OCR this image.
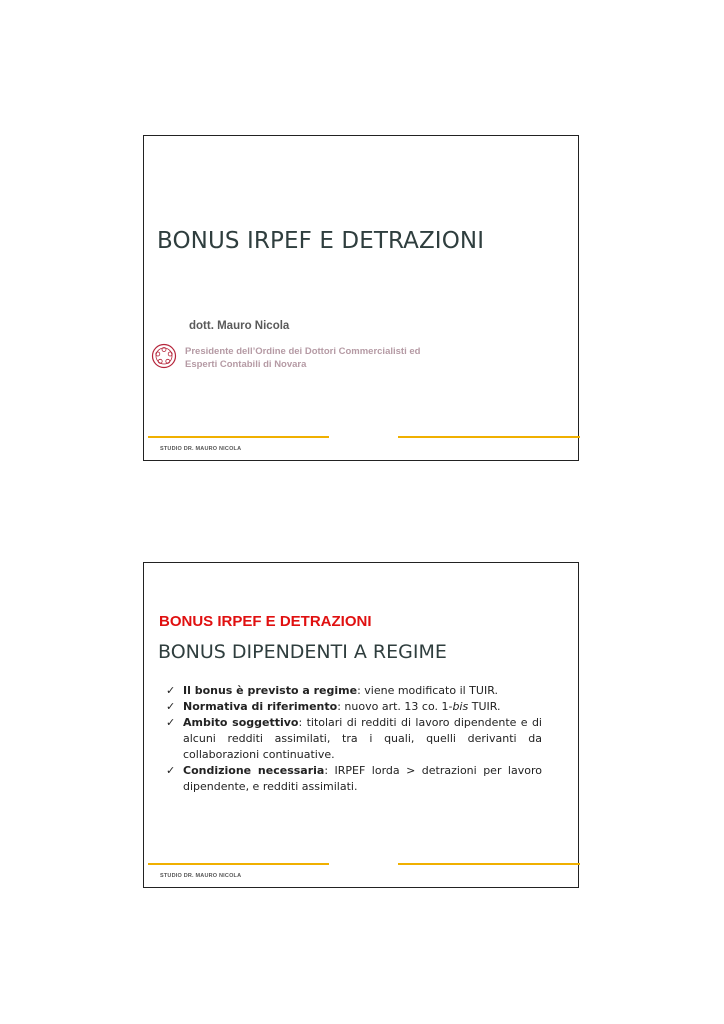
BONUS IRPEF E DETRAZIONI
dott. Mauro Nicola
Presidente dell’Ordine dei Dottori Commercialisti ed
Esperti Contabili di Novara
STUDIO DR. MAURO NICOLA
BONUS IRPEF E DETRAZIONI
BONUS DIPENDENTI A REGIME
✓ Il bonus è previsto a regime: viene modificato il TUIR.
✓ Normativa di riferimento: nuovo art. 13 co. 1-bis TUIR.
✓ Ambito soggettivo: titolari di redditi di lavoro dipendente e di alcuni redditi assimilati, tra i quali, quelli derivanti da collaborazioni continuative.
✓ Condizione necessaria: IRPEF lorda > detrazioni per lavoro dipendente, e redditi assimilati.
STUDIO DR. MAURO NICOLA
